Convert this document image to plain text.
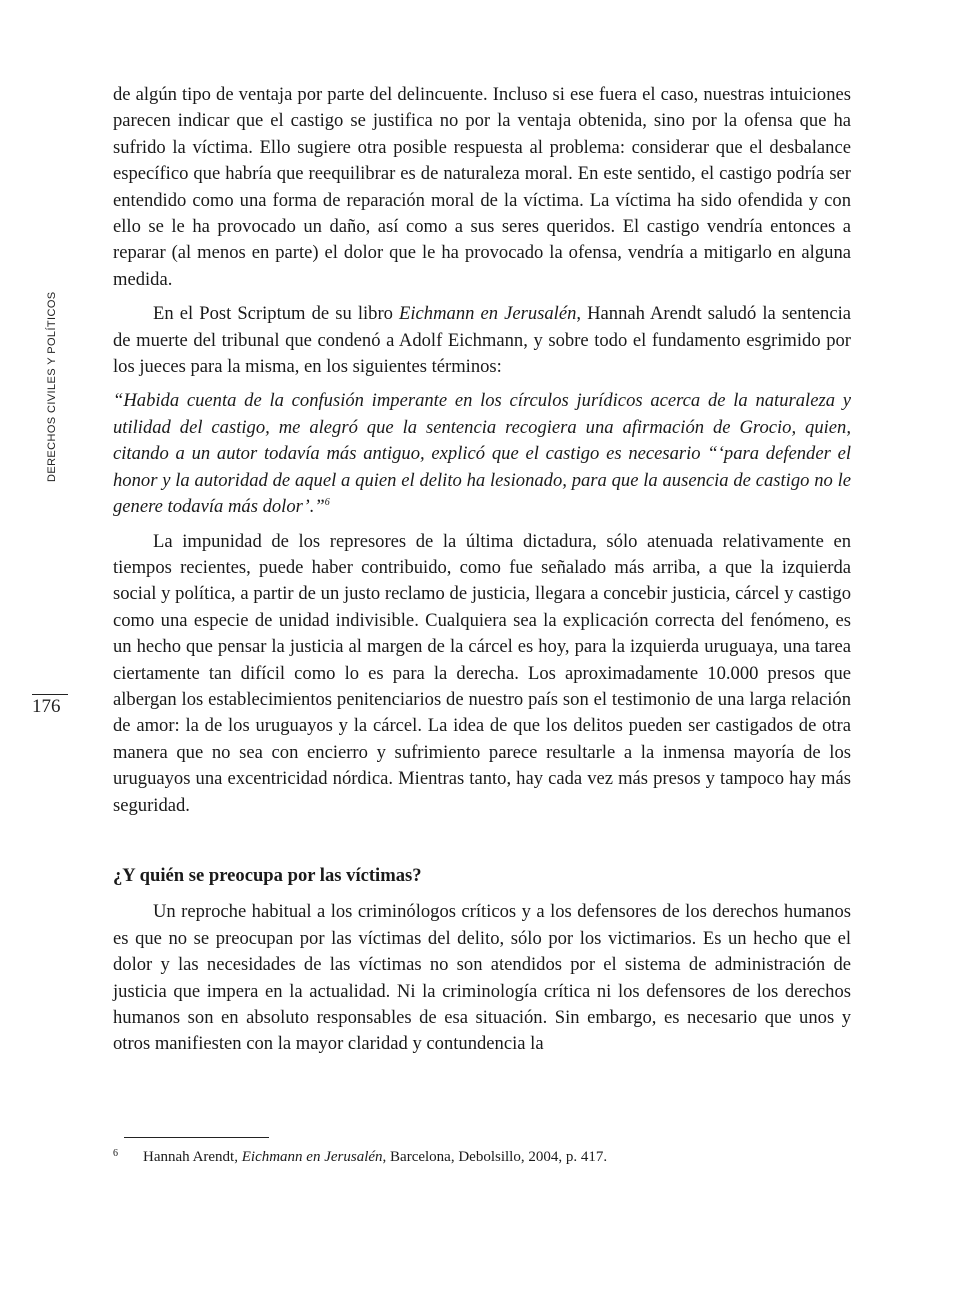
DERECHOS CIVILES Y POLÍTICOS
176

de algún tipo de ventaja por parte del delincuente. Incluso si ese fuera el caso, nuestras intuiciones parecen indicar que el castigo se justifica no por la ventaja obtenida, sino por la ofensa que ha sufrido la víctima. Ello sugiere otra posible respuesta al problema: considerar que el desbalance específico que habría que reequilibrar es de naturaleza moral. En este sentido, el castigo podría ser entendido como una forma de reparación moral de la víctima. La víctima ha sido ofendida y con ello se le ha provocado un daño, así como a sus seres queridos. El castigo vendría entonces a reparar (al menos en parte) el dolor que le ha provocado la ofensa, vendría a mitigarlo en alguna medida.

En el Post Scriptum de su libro Eichmann en Jerusalén, Hannah Arendt saludó la sentencia de muerte del tribunal que condenó a Adolf Eichmann, y sobre todo el fundamento esgrimido por los jueces para la misma, en los siguientes términos:

“Habida cuenta de la confusión imperante en los círculos jurídicos acerca de la naturaleza y utilidad del castigo, me alegró que la sentencia recogiera una afirmación de Grocio, quien, citando a un autor todavía más antiguo, explicó que el castigo es necesario “‘para defender el honor y la autoridad de aquel a quien el delito ha lesionado, para que la ausencia de castigo no le genere todavía más dolor’.”$^6$

La impunidad de los represores de la última dictadura, sólo atenuada relativamente en tiempos recientes, puede haber contribuido, como fue señalado más arriba, a que la izquierda social y política, a partir de un justo reclamo de justicia, llegara a concebir justicia, cárcel y castigo como una especie de unidad indivisible. Cualquiera sea la explicación correcta del fenómeno, es un hecho que pensar la justicia al margen de la cárcel es hoy, para la izquierda uruguaya, una tarea ciertamente tan difícil como lo es para la derecha. Los aproximadamente 10.000 presos que albergan los establecimientos penitenciarios de nuestro país son el testimonio de una larga relación de amor: la de los uruguayos y la cárcel. La idea de que los delitos pueden ser castigados de otra manera que no sea con encierro y sufrimiento parece resultarle a la inmensa mayoría de los uruguayos una excentricidad nórdica. Mientras tanto, hay cada vez más presos y tampoco hay más seguridad.

¿Y quién se preocupa por las víctimas?

Un reproche habitual a los criminólogos críticos y a los defensores de los derechos humanos es que no se preocupan por las víctimas del delito, sólo por los victimarios. Es un hecho que el dolor y las necesidades de las víctimas no son atendidos por el sistema de administración de justicia que impera en la actualidad. Ni la criminología crítica ni los defensores de los derechos humanos son en absoluto responsables de esa situación. Sin embargo, es necesario que unos y otros manifiesten con la mayor claridad y contundencia la

6 Hannah Arendt, Eichmann en Jerusalén, Barcelona, Debolsillo, 2004, p. 417.
